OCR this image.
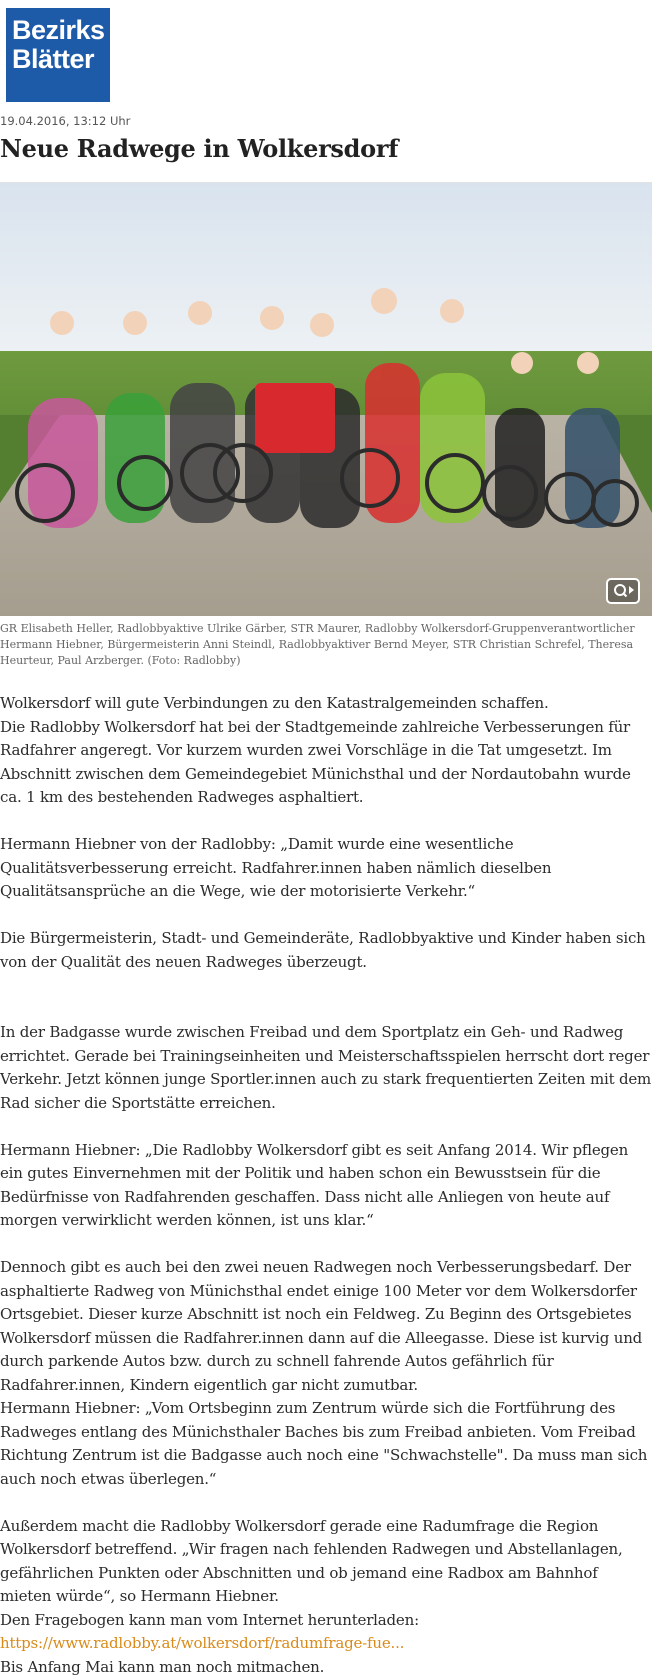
Bezirks
Blätter
19.04.2016, 13:12 Uhr
Neue Radwege in Wolkersdorf
GR Elisabeth Heller, Radlobbyaktive Ulrike Gärber, STR Maurer, Radlobby Wolkersdorf-Gruppenverantwortlicher Hermann Hiebner, Bürgermeisterin Anni Steindl, Radlobbyaktiver Bernd Meyer, STR Christian Schrefel, Theresa Heurteur, Paul Arzberger. (Foto: Radlobby)

Wolkersdorf will gute Verbindungen zu den Katastralgemeinden schaffen.

Die Radlobby Wolkersdorf hat bei der Stadtgemeinde zahlreiche Verbesserungen für Radfahrer angeregt. Vor kurzem wurden zwei Vorschläge in die Tat umgesetzt. Im Abschnitt zwischen dem Gemeindegebiet Münichsthal und der Nordautobahn wurde ca. 1 km des bestehenden Radweges asphaltiert.

Hermann Hiebner von der Radlobby: „Damit wurde eine wesentliche Qualitätsverbesserung erreicht. Radfahrer.innen haben nämlich dieselben Qualitätsansprüche an die Wege, wie der motorisierte Verkehr.“

Die Bürgermeisterin, Stadt- und Gemeinderäte, Radlobbyaktive und Kinder haben sich von der Qualität des neuen Radweges überzeugt.

In der Badgasse wurde zwischen Freibad und dem Sportplatz ein Geh- und Radweg errichtet. Gerade bei Trainingseinheiten und Meisterschaftsspielen herrscht dort reger Verkehr. Jetzt können junge Sportler.innen auch zu stark frequentierten Zeiten mit dem Rad sicher die Sportstätte erreichen.

Hermann Hiebner: „Die Radlobby Wolkersdorf gibt es seit Anfang 2014. Wir pflegen ein gutes Einvernehmen mit der Politik und haben schon ein Bewusstsein für die Bedürfnisse von Radfahrenden geschaffen. Dass nicht alle Anliegen von heute auf morgen verwirklicht werden können, ist uns klar.“

Dennoch gibt es auch bei den zwei neuen Radwegen noch Verbesserungsbedarf. Der asphaltierte Radweg von Münichsthal endet einige 100 Meter vor dem Wolkersdorfer Ortsgebiet. Dieser kurze Abschnitt ist noch ein Feldweg. Zu Beginn des Ortsgebietes Wolkersdorf müssen die Radfahrer.innen dann auf die Alleegasse. Diese ist kurvig und durch parkende Autos bzw. durch zu schnell fahrende Autos gefährlich für Radfahrer.innen, Kindern eigentlich gar nicht zumutbar.

Hermann Hiebner: „Vom Ortsbeginn zum Zentrum würde sich die Fortführung des Radweges entlang des Münichsthaler Baches bis zum Freibad anbieten. Vom Freibad Richtung Zentrum ist die Badgasse auch noch eine "Schwachstelle". Da muss man sich auch noch etwas überlegen.“

Außerdem macht die Radlobby Wolkersdorf gerade eine Radumfrage die Region Wolkersdorf betreffend. „Wir fragen nach fehlenden Radwegen und Abstellanlagen, gefährlichen Punkten oder Abschnitten und ob jemand eine Radbox am Bahnhof mieten würde“, so Hermann Hiebner.

Den Fragebogen kann man vom Internet herunterladen:

https://www.radlobby.at/wolkersdorf/radumfrage-fue...

Bis Anfang Mai kann man noch mitmachen.
